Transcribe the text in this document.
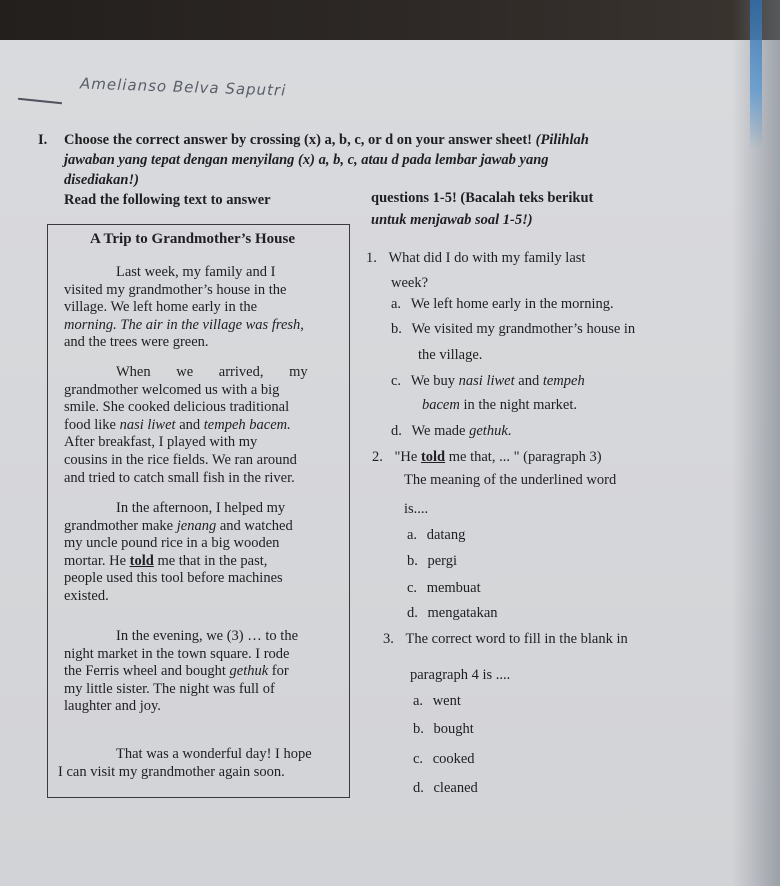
Amelianso Belva Saputri
I. Choose the correct answer by crossing (x) a, b, c, or d on your answer sheet! (Pilihlah
jawaban yang tepat dengan menyilang (x) a, b, c, atau d pada lembar jawab yang
disediakan!)
Read the following text to answer	questions 1-5! (Bacalah teks berikut
untuk menjawab soal 1-5!)
A Trip to Grandmother’s House
Last week, my family and I
visited my grandmother’s house in the
village. We left home early in the
morning. The air in the village was fresh,
and the trees were green.
When we arrived, my
grandmother welcomed us with a big
smile. She cooked delicious traditional
food like nasi liwet and tempeh bacem.
After breakfast, I played with my
cousins in the rice fields. We ran around
and tried to catch small fish in the river.
In the afternoon, I helped my
grandmother make jenang and watched
my uncle pound rice in a big wooden
mortar. He told me that in the past,
people used this tool before machines
existed.
In the evening, we (3) … to the
night market in the town square. I rode
the Ferris wheel and bought gethuk for
my little sister. The night was full of
laughter and joy.
That was a wonderful day! I hope
I can visit my grandmother again soon.
1. What did I do with my family last
week?
a. We left home early in the morning.
b. We visited my grandmother’s house in
the village.
c. We buy nasi liwet and tempeh
bacem in the night market.
d. We made gethuk.
2. "He told me that, ... " (paragraph 3)
The meaning of the underlined word
is....
a. datang
b. pergi
c. membuat
d. mengatakan
3. The correct word to fill in the blank in
paragraph 4 is ....
a. went
b. bought
c. cooked
d. cleaned
